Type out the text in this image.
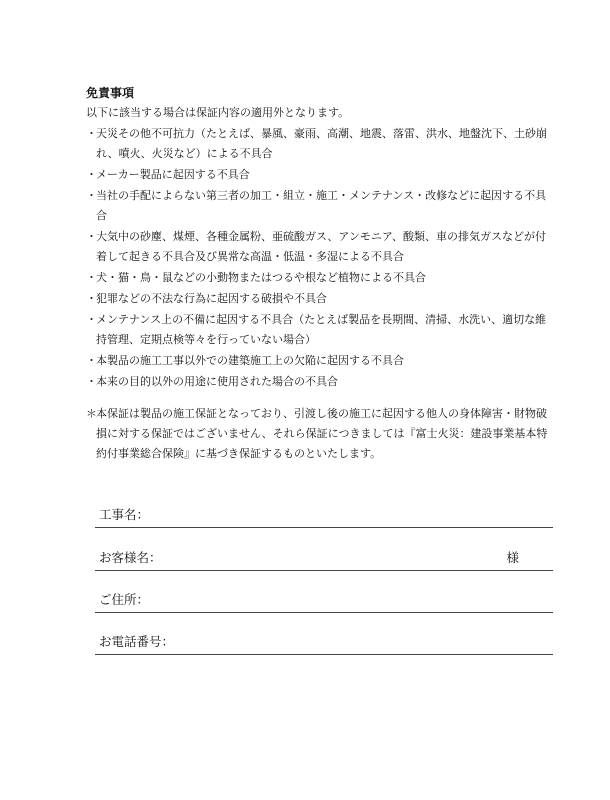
免責事項
以下に該当する場合は保証内容の適用外となります。
・ 天災その他不可抗力（たとえば、暴風、豪雨、高潮、地震、落雷、洪水、地盤沈下、土砂崩れ、噴火、火災など）による不具合
・ メーカー製品に起因する不具合
・ 当社の手配によらない第三者の加工・組立・施工・メンテナンス・改修などに起因する不具合
・ 大気中の砂塵、煤煙、各種金属粉、亜硫酸ガス、アンモニア、酸類、車の排気ガスなどが付着して起きる不具合及び異常な高温・低温・多湿による不具合
・ 犬・猫・鳥・鼠などの小動物またはつるや根など植物による不具合
・ 犯罪などの不法な行為に起因する破損や不具合
・ メンテナンス上の不備に起因する不具合（たとえば製品を長期間、清掃、水洗い、適切な維持管理、定期点検等々を行っていない場合）
・ 本製品の施工工事以外での建築施工上の欠陥に起因する不具合
・ 本来の目的以外の用途に使用された場合の不具合
＊ 本保証は製品の施工保証となっており、引渡し後の施工に起因する他人の身体障害・財物破損に対する保証ではございません、それら保証につきましては『富士火災：建設事業基本特約付事業総合保険』に基づき保証するものといたします。
工事名：
お客様名：	様
ご住所：
お電話番号：
